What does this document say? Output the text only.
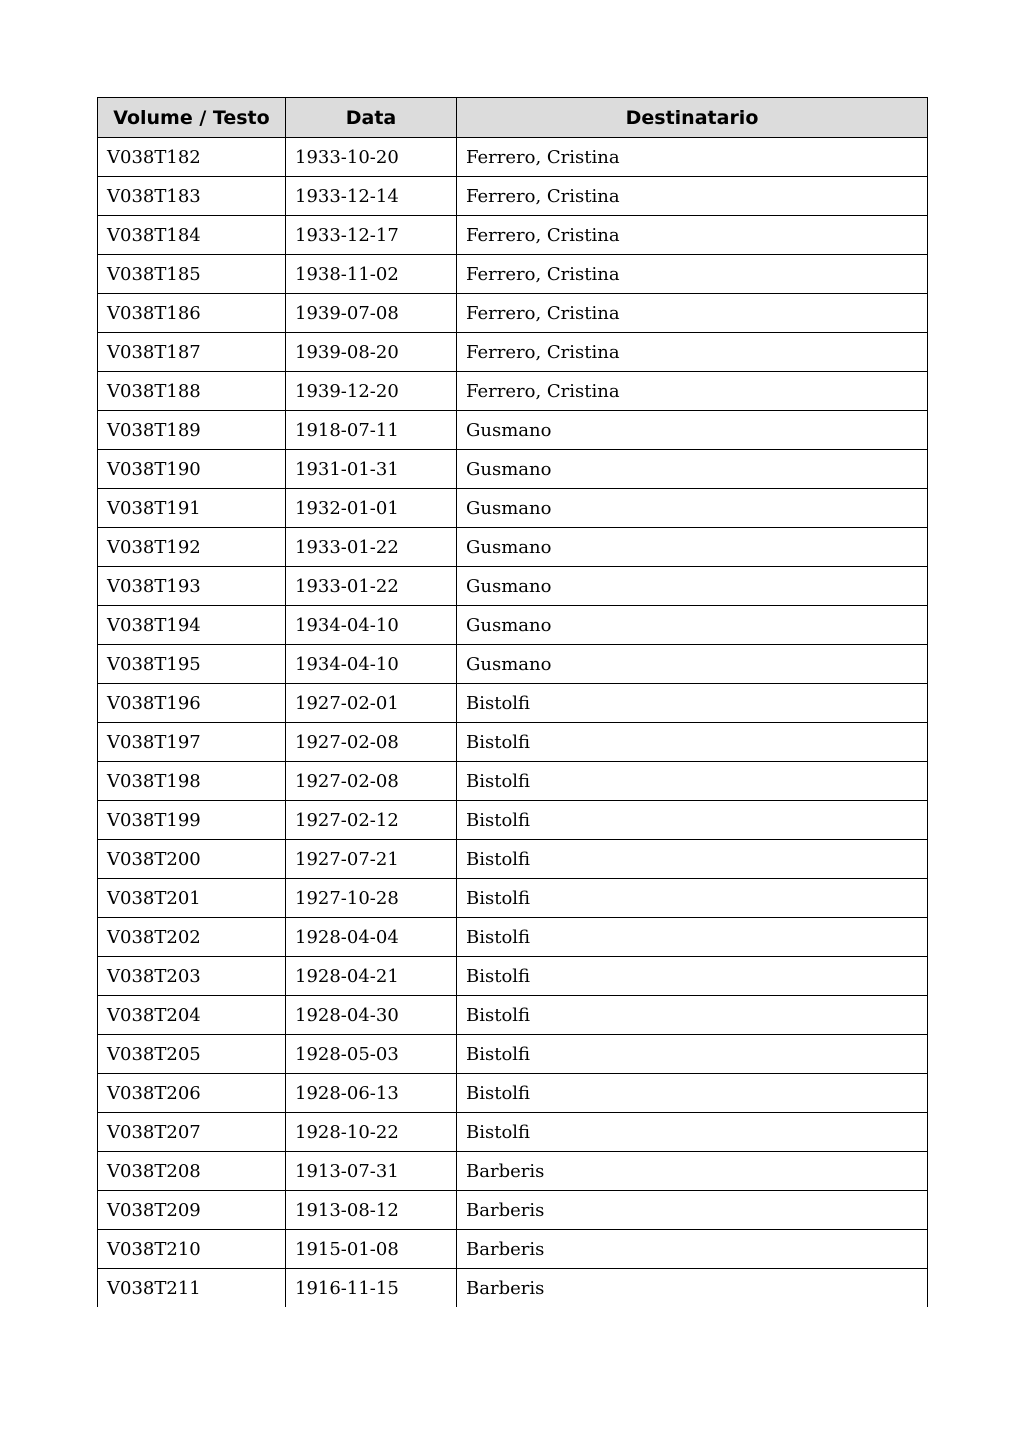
Volume / Testo	Data	Destinatario
V038T182	1933-10-20	Ferrero, Cristina
V038T183	1933-12-14	Ferrero, Cristina
V038T184	1933-12-17	Ferrero, Cristina
V038T185	1938-11-02	Ferrero, Cristina
V038T186	1939-07-08	Ferrero, Cristina
V038T187	1939-08-20	Ferrero, Cristina
V038T188	1939-12-20	Ferrero, Cristina
V038T189	1918-07-11	Gusmano
V038T190	1931-01-31	Gusmano
V038T191	1932-01-01	Gusmano
V038T192	1933-01-22	Gusmano
V038T193	1933-01-22	Gusmano
V038T194	1934-04-10	Gusmano
V038T195	1934-04-10	Gusmano
V038T196	1927-02-01	Bistolfi
V038T197	1927-02-08	Bistolfi
V038T198	1927-02-08	Bistolfi
V038T199	1927-02-12	Bistolfi
V038T200	1927-07-21	Bistolfi
V038T201	1927-10-28	Bistolfi
V038T202	1928-04-04	Bistolfi
V038T203	1928-04-21	Bistolfi
V038T204	1928-04-30	Bistolfi
V038T205	1928-05-03	Bistolfi
V038T206	1928-06-13	Bistolfi
V038T207	1928-10-22	Bistolfi
V038T208	1913-07-31	Barberis
V038T209	1913-08-12	Barberis
V038T210	1915-01-08	Barberis
V038T211	1916-11-15	Barberis
